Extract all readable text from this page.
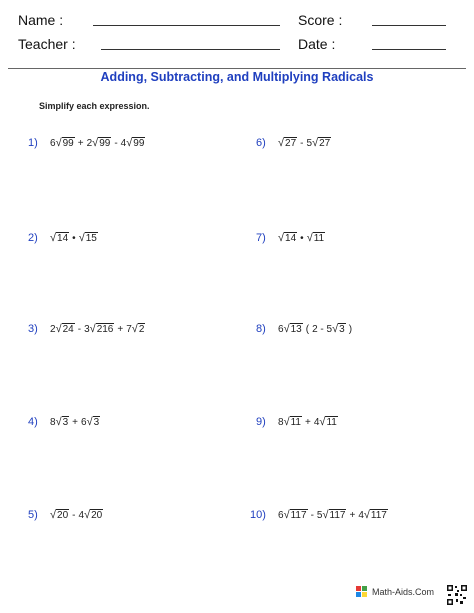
Name :	Score :
Teacher :	Date :
Adding, Subtracting, and Multiplying Radicals
Simplify each expression.
1)	6 √ 99 + 2 √ 99 - 4 √ 99
2)	√ 14 • √ 15
3)	2 √ 24 - 3 √ 216 + 7 √ 2
4)	8 √ 3 + 6 √ 3
5)	√ 20 - 4 √ 20
6)	√ 27 - 5 √ 27
7)	√ 14 • √ 11
8)	6 √ 13 ( 2 - 5 √ 3 )
9)	8 √ 11 + 4 √ 11
10)	6 √ 117 - 5 √ 117 + 4 √ 117
Math-Aids.Com
